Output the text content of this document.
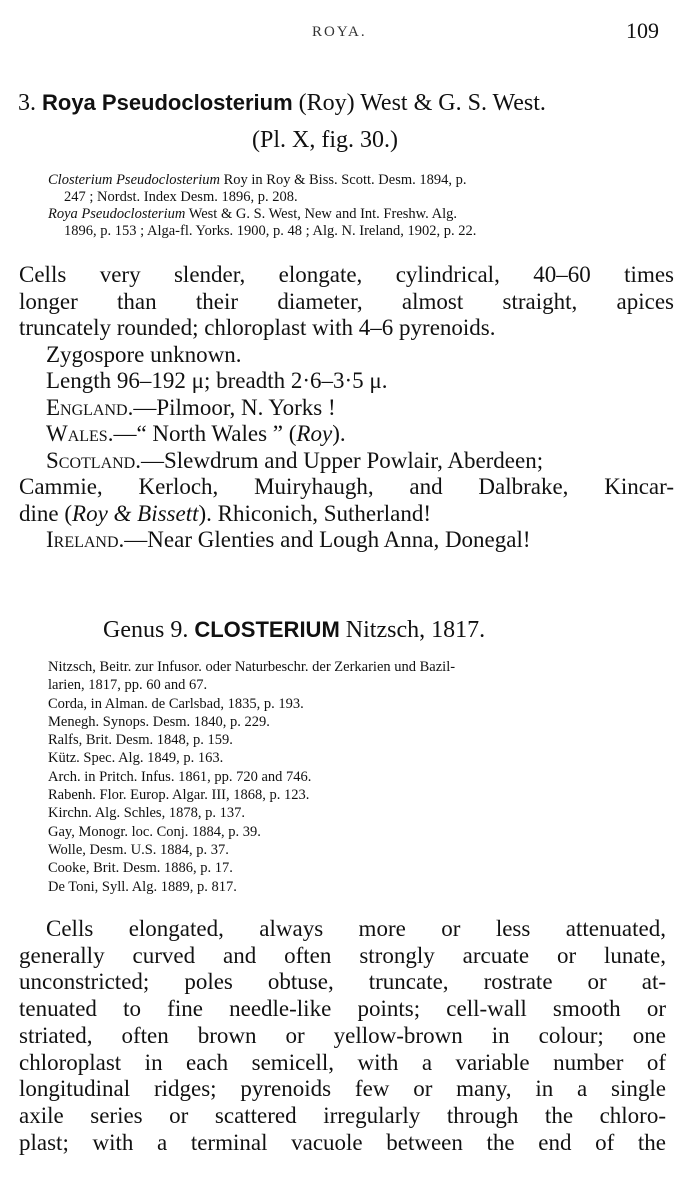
ROYA.	109
3. Roya Pseudoclosterium (Roy) West & G. S. West.
(Pl. X, fig. 30.)
Closterium Pseudoclosterium Roy in Roy & Biss. Scott. Desm. 1894, p.
247 ; Nordst. Index Desm. 1896, p. 208.
Roya Pseudoclosterium West & G. S. West, New and Int. Freshw. Alg.
1896, p. 153 ; Alga-fl. Yorks. 1900, p. 48 ; Alg. N. Ireland, 1902, p. 22.

Cells very slender, elongate, cylindrical, 40–60 times

longer than their diameter, almost straight, apices

truncately rounded; chloroplast with 4–6 pyrenoids.

Zygospore unknown.

Length 96–192 μ; breadth 2·6–3·5 μ.

England.—Pilmoor, N. Yorks !

Wales.—“ North Wales ” (Roy).

Scotland.—Slewdrum and Upper Powlair, Aberdeen;

Cammie, Kerloch, Muiryhaugh, and Dalbrake, Kincar-

dine (Roy & Bissett). Rhiconich, Sutherland!

Ireland.—Near Glenties and Lough Anna, Donegal!

Genus 9. CLOSTERIUM Nitzsch, 1817.
Nitzsch, Beitr. zur Infusor. oder Naturbeschr. der Zerkarien und Bazil-
larien, 1817, pp. 60 and 67.
Corda, in Alman. de Carlsbad, 1835, p. 193.
Menegh. Synops. Desm. 1840, p. 229.
Ralfs, Brit. Desm. 1848, p. 159.
Kütz. Spec. Alg. 1849, p. 163.
Arch. in Pritch. Infus. 1861, pp. 720 and 746.
Rabenh. Flor. Europ. Algar. III, 1868, p. 123.
Kirchn. Alg. Schles, 1878, p. 137.
Gay, Monogr. loc. Conj. 1884, p. 39.
Wolle, Desm. U.S. 1884, p. 37.
Cooke, Brit. Desm. 1886, p. 17.
De Toni, Syll. Alg. 1889, p. 817.
Cells elongated, always more or less attenuated,
generally curved and often strongly arcuate or lunate,
unconstricted; poles obtuse, truncate, rostrate or at-
tenuated to fine needle-like points; cell-wall smooth or
striated, often brown or yellow-brown in colour; one
chloroplast in each semicell, with a variable number of
longitudinal ridges; pyrenoids few or many, in a single
axile series or scattered irregularly through the chloro-
plast; with a terminal vacuole between the end of the
